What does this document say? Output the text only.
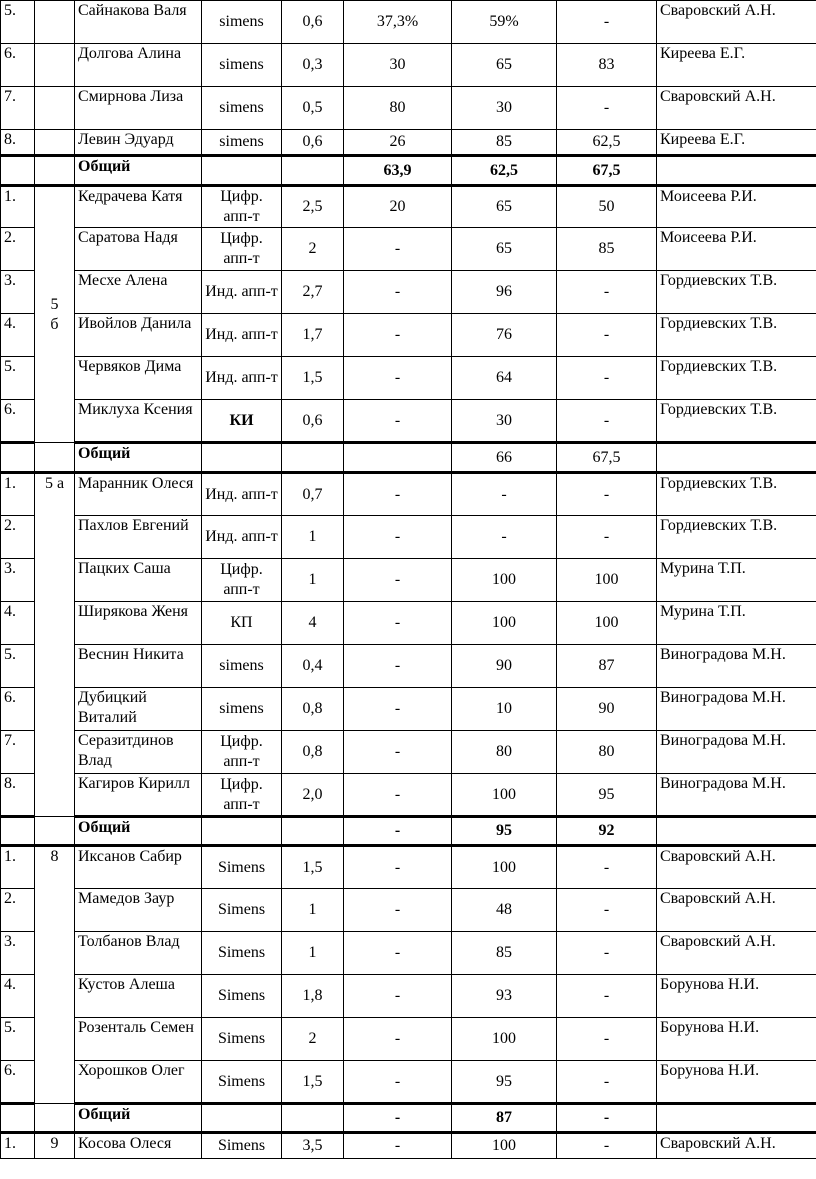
5.		Сайнакова Валя	simens	0,6	37,3%	59%	-	Сваровский А.Н.
6.		Долгова Алина	simens	0,3	30	65	83	Киреева Е.Г.
7.		Смирнова Лиза	simens	0,5	80	30	-	Сваровский А.Н.
8.		Левин Эдуард	simens	0,6	26	85	62,5	Киреева Е.Г.
		Общий			63,9	62,5	67,5	
1.	5 б	Кедрачева Катя	Цифр. апп-т	2,5	20	65	50	Моисеева Р.И.
2.		Саратова Надя	Цифр. апп-т	2	-	65	85	Моисеева Р.И.
3.		Месхе Алена	Инд. апп-т	2,7	-	96	-	Гордиевских Т.В.
4.		Ивойлов Данила	Инд. апп-т	1,7	-	76	-	Гордиевских Т.В.
5.		Червяков Дима	Инд. апп-т	1,5	-	64	-	Гордиевских Т.В.
6.		Миклуха Ксения	КИ	0,6	-	30	-	Гордиевских Т.В.
		Общий				66	67,5	
1.	5 а	Маранник Олеся	Инд. апп-т	0,7	-	-	-	Гордиевских Т.В.
2.		Пахлов Евгений	Инд. апп-т	1	-	-	-	Гордиевских Т.В.
3.		Пацких Саша	Цифр. апп-т	1	-	100	100	Мурина Т.П.
4.		Ширякова Женя	КП	4	-	100	100	Мурина Т.П.
5.		Веснин Никита	simens	0,4	-	90	87	Виноградова М.Н.
6.		Дубицкий Виталий	simens	0,8	-	10	90	Виноградова М.Н.
7.		Серазитдинов Влад	Цифр. апп-т	0,8	-	80	80	Виноградова М.Н.
8.		Кагиров Кирилл	Цифр. апп-т	2,0	-	100	95	Виноградова М.Н.
		Общий			-	95	92	
1.	8	Иксанов Сабир	Simens	1,5	-	100	-	Сваровский А.Н.
2.		Мамедов Заур	Simens	1	-	48	-	Сваровский А.Н.
3.		Толбанов Влад	Simens	1	-	85	-	Сваровский А.Н.
4.		Кустов Алеша	Simens	1,8	-	93	-	Борунова Н.И.
5.		Розенталь Семен	Simens	2	-	100	-	Борунова Н.И.
6.		Хорошков Олег	Simens	1,5	-	95	-	Борунова Н.И.
		Общий			-	87	-	
1.	9	Косова Олеся	Simens	3,5	-	100	-	Сваровский А.Н.
